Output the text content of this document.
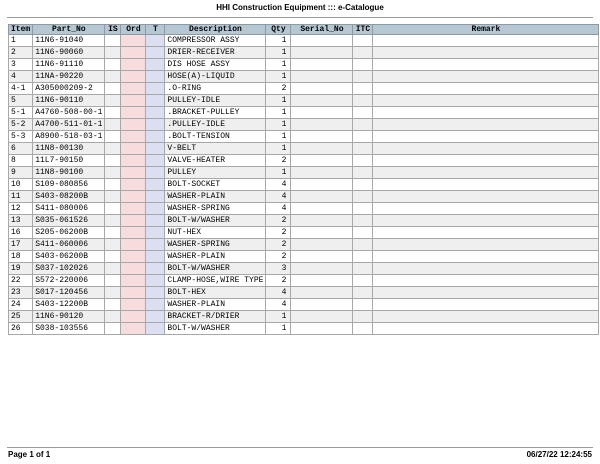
HHI Construction Equipment ::: e-Catalogue
Item	Part_No	IS	Ord	T	Description	Qty	Serial_No	ITC	Remark
1	11N6-91040				COMPRESSOR ASSY	1			
2	11N6-90060				DRIER-RECEIVER	1			
3	11N6-91110				DIS HOSE ASSY	1			
4	11NA-90220				HOSE(A)-LIQUID	1			
4-1	A305000209-2				.O-RING	2			
5	11N6-90110				PULLEY-IDLE	1			
5-1	A4760-508-00-1				.BRACKET-PULLEY	1			
5-2	A4700-511-01-1				.PULLEY-IDLE	1			
5-3	A8900-518-03-1				.BOLT-TENSION	1			
6	11N8-00130				V-BELT	1			
8	11L7-90150				VALVE-HEATER	2			
9	11N8-90100				PULLEY	1			
10	S109-080856				BOLT-SOCKET	4			
11	S403-08200B				WASHER-PLAIN	4			
12	S411-080006				WASHER-SPRING	4			
13	S035-061526				BOLT-W/WASHER	2			
16	S205-06200B				NUT-HEX	2			
17	S411-060006				WASHER-SPRING	2			
18	S403-06200B				WASHER-PLAIN	2			
19	S037-102026				BOLT-W/WASHER	3			
22	S572-220006				CLAMP-HOSE,WIRE TYPE	2			
23	S017-120456				BOLT-HEX	4			
24	S403-12200B				WASHER-PLAIN	4			
25	11N6-90120				BRACKET-R/DRIER	1			
26	S038-103556				BOLT-W/WASHER	1			
Page 1 of 1	06/27/22 12:24:55
